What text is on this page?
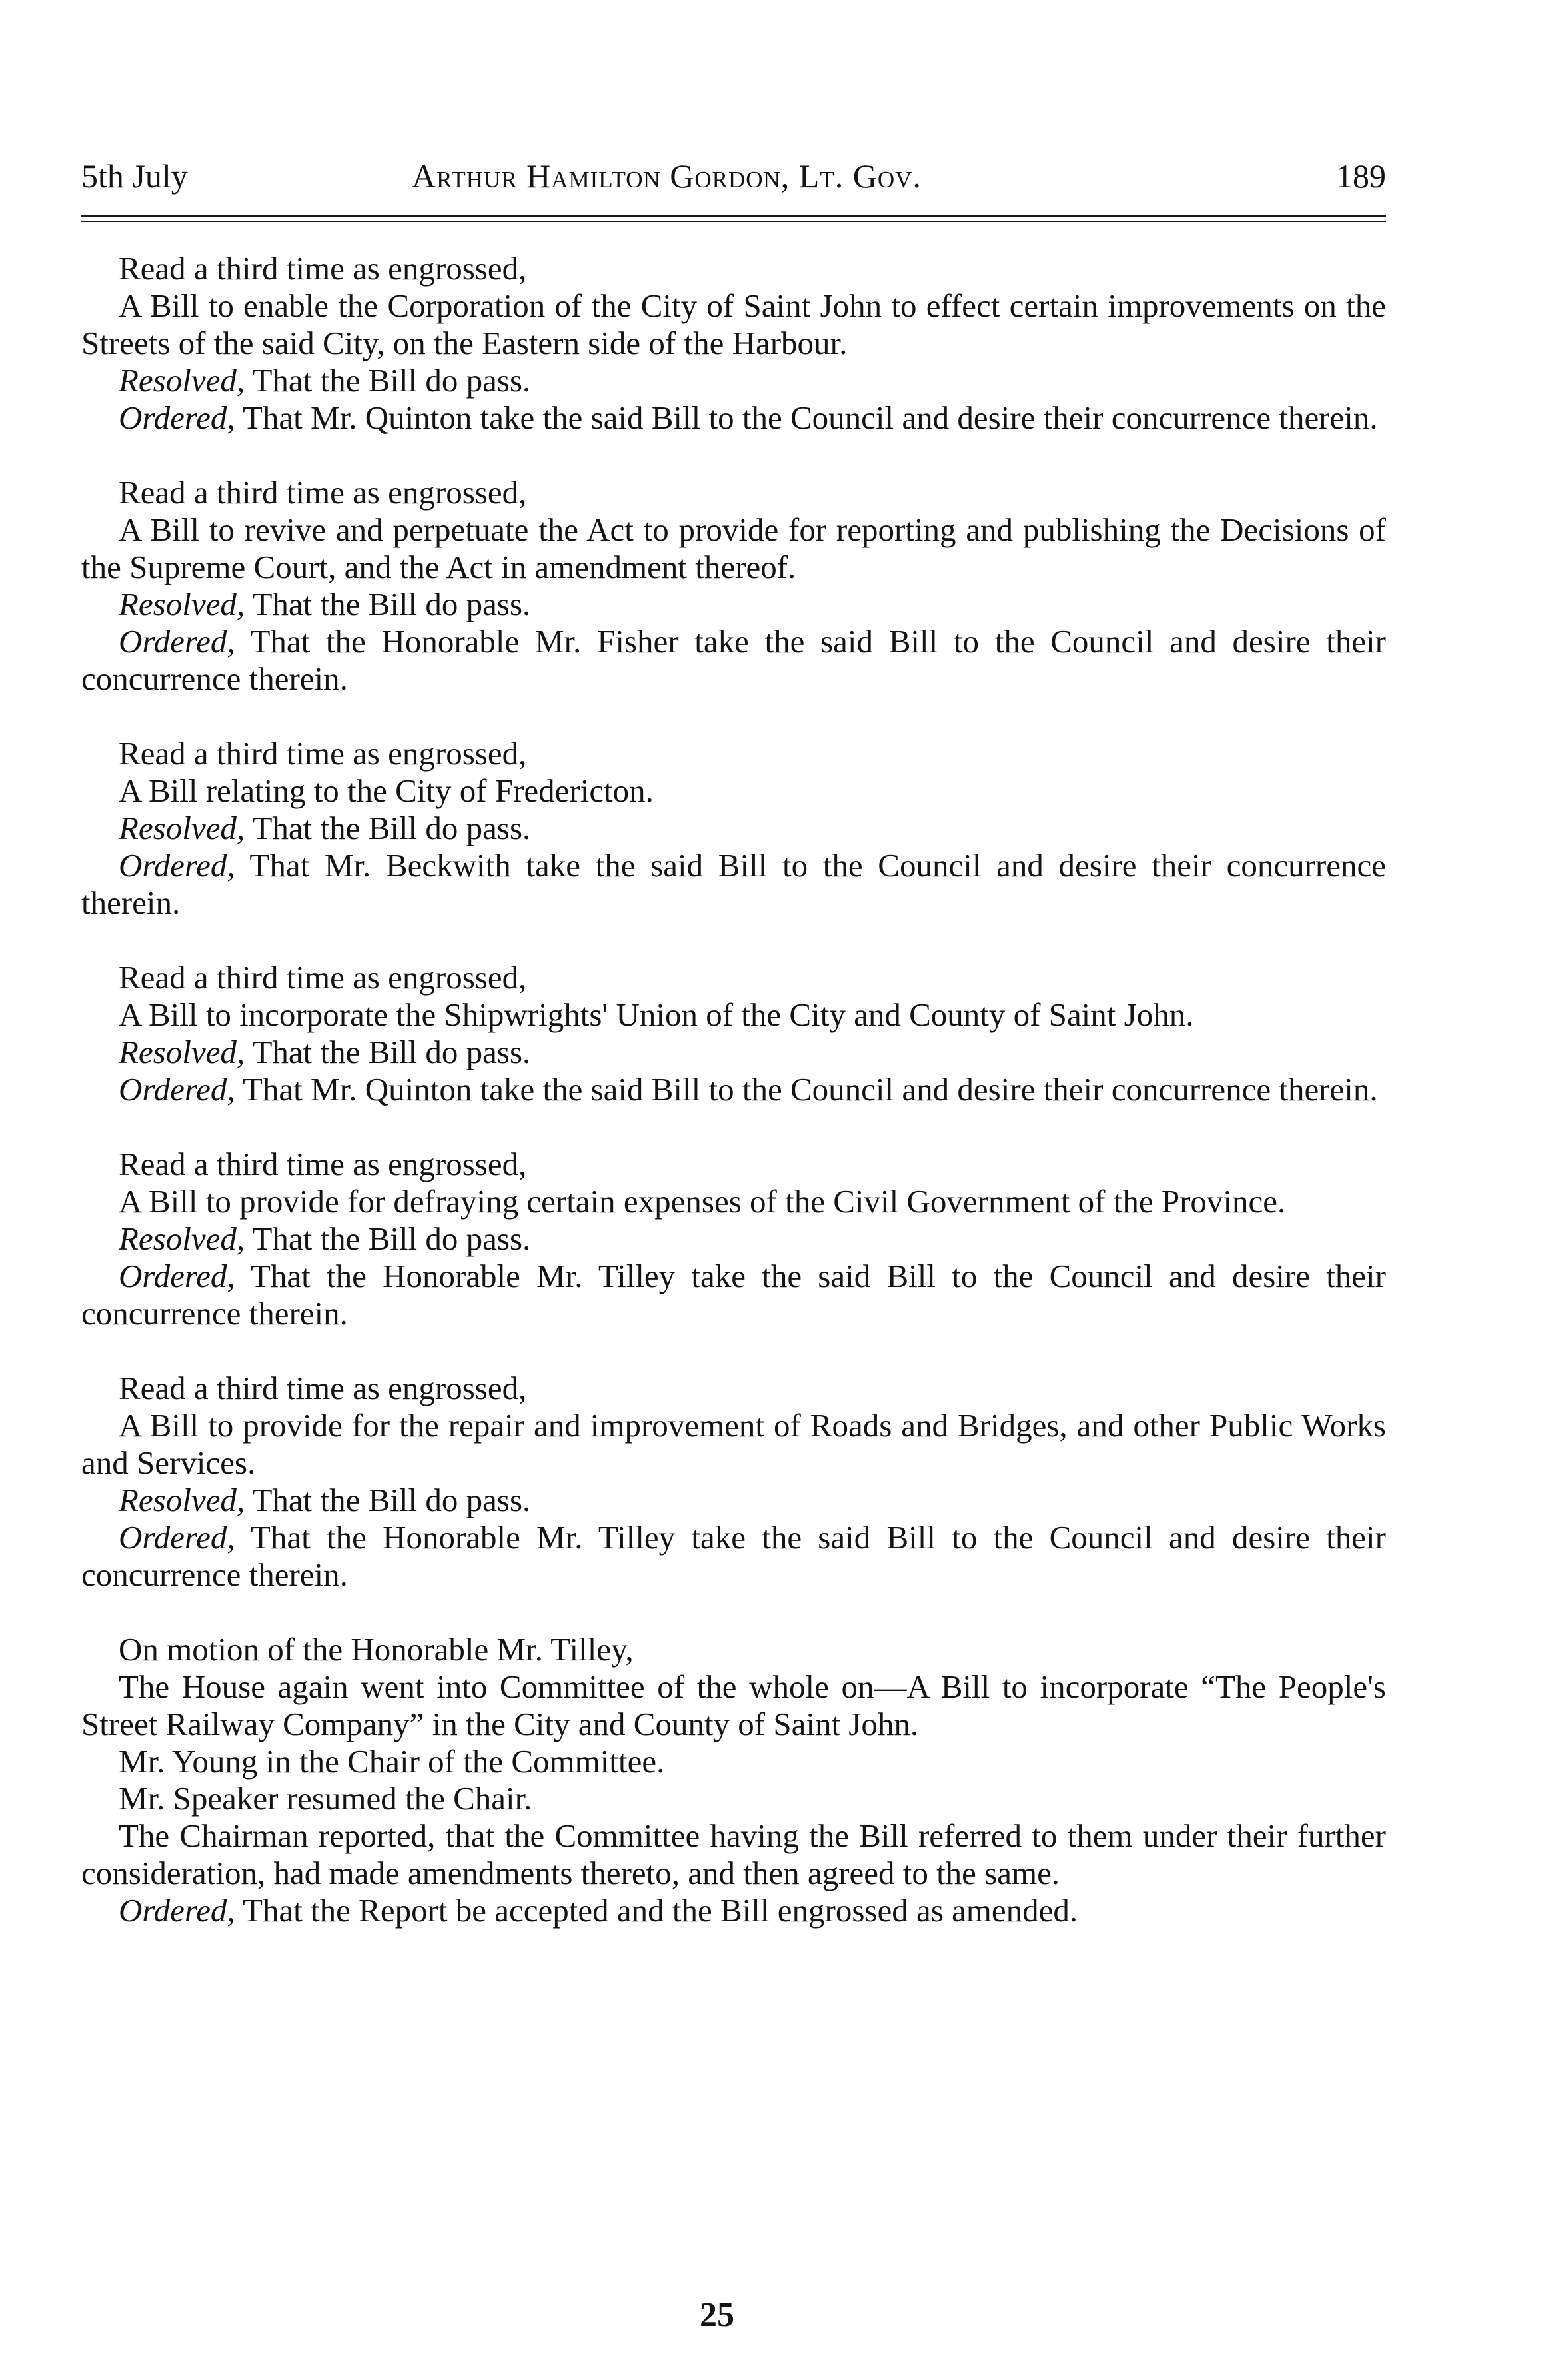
5th July	Arthur Hamilton Gordon, Lt. Gov.	189

Read a third time as engrossed,

A Bill to enable the Corporation of the City of Saint John to effect certain improvements on the Streets of the said City, on the Eastern side of the Harbour.

Resolved, That the Bill do pass.

Ordered, That Mr. Quinton take the said Bill to the Council and desire their concurrence therein.

Read a third time as engrossed,

A Bill to revive and perpetuate the Act to provide for reporting and publishing the Decisions of the Supreme Court, and the Act in amendment thereof.

Resolved, That the Bill do pass.

Ordered, That the Honorable Mr. Fisher take the said Bill to the Council and desire their concurrence therein.

Read a third time as engrossed,

A Bill relating to the City of Fredericton.

Resolved, That the Bill do pass.

Ordered, That Mr. Beckwith take the said Bill to the Council and desire their concurrence therein.

Read a third time as engrossed,

A Bill to incorporate the Shipwrights' Union of the City and County of Saint John.

Resolved, That the Bill do pass.

Ordered, That Mr. Quinton take the said Bill to the Council and desire their concurrence therein.

Read a third time as engrossed,

A Bill to provide for defraying certain expenses of the Civil Government of the Province.

Resolved, That the Bill do pass.

Ordered, That the Honorable Mr. Tilley take the said Bill to the Council and desire their concurrence therein.

Read a third time as engrossed,

A Bill to provide for the repair and improvement of Roads and Bridges, and other Public Works and Services.

Resolved, That the Bill do pass.

Ordered, That the Honorable Mr. Tilley take the said Bill to the Council and desire their concurrence therein.

On motion of the Honorable Mr. Tilley,

The House again went into Committee of the whole on—A Bill to incorporate “The People's Street Railway Company” in the City and County of Saint John.

Mr. Young in the Chair of the Committee.

Mr. Speaker resumed the Chair.

The Chairman reported, that the Committee having the Bill referred to them under their further consideration, had made amendments thereto, and then agreed to the same.

Ordered, That the Report be accepted and the Bill engrossed as amended.

25
